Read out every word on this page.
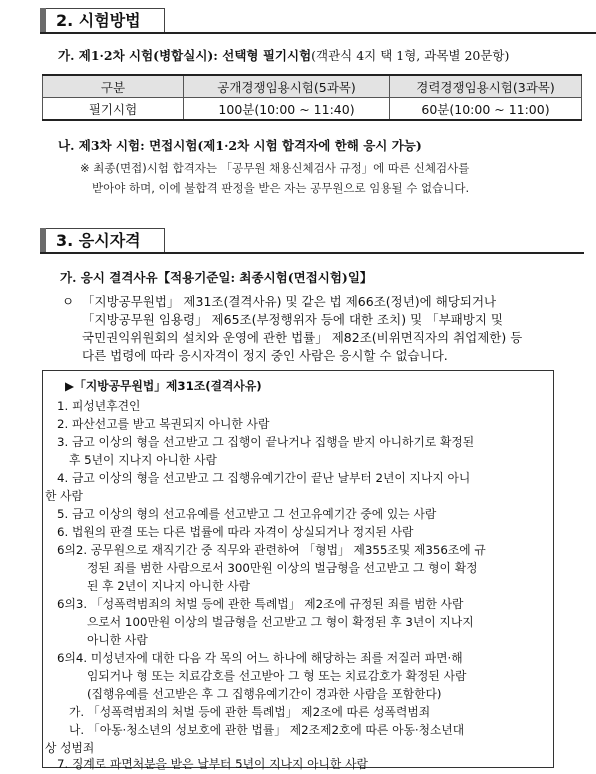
2. 시험방법
가. 제1·2차 시험(병합실시): 선택형 필기시험(객관식 4지 택 1형, 과목별 20문항)
구분	공개경쟁임용시험(5과목)	경력경쟁임용시험(3과목)
필기시험	100분(10:00 ~ 11:40)	60분(10:00 ~ 11:00)
나. 제3차 시험: 면접시험(제1·2차 시험 합격자에 한해 응시 가능)
※ 최종(면접)시험 합격자는 「공무원 채용신체검사 규정」에 따른 신체검사를
받아야 하며, 이에 불합격 판정을 받은 자는 공무원으로 임용될 수 없습니다.
3. 응시자격
가. 응시 결격사유【적용기준일: 최종시험(면접시험)일】
ㅇ 「지방공무원법」 제31조(결격사유) 및 같은 법 제66조(정년)에 해당되거나
「지방공무원 임용령」 제65조(부정행위자 등에 대한 조치) 및 「부패방지 및
국민권익위원회의 설치와 운영에 관한 법률」 제82조(비위면직자의 취업제한) 등
다른 법령에 따라 응시자격이 정지 중인 사람은 응시할 수 없습니다.
▶「지방공무원법」제31조(결격사유)
1. 피성년후견인
2. 파산선고를 받고 복권되지 아니한 사람
3. 금고 이상의 형을 선고받고 그 집행이 끝나거나 집행을 받지 아니하기로 확정된
후 5년이 지나지 아니한 사람
4. 금고 이상의 형을 선고받고 그 집행유예기간이 끝난 날부터 2년이 지나지 아니
한 사람
5. 금고 이상의 형의 선고유예를 선고받고 그 선고유예기간 중에 있는 사람
6. 법원의 판결 또는 다른 법률에 따라 자격이 상실되거나 정지된 사람
6의2. 공무원으로 재직기간 중 직무와 관련하여 「형법」 제355조및 제356조에 규
정된 죄를 범한 사람으로서 300만원 이상의 벌금형을 선고받고 그 형이 확정
된 후 2년이 지나지 아니한 사람
6의3. 「성폭력범죄의 처벌 등에 관한 특례법」 제2조에 규정된 죄를 범한 사람
으로서 100만원 이상의 벌금형을 선고받고 그 형이 확정된 후 3년이 지나지
아니한 사람
6의4. 미성년자에 대한 다음 각 목의 어느 하나에 해당하는 죄를 저질러 파면·해
임되거나 형 또는 치료감호를 선고받아 그 형 또는 치료감호가 확정된 사람
(집행유예를 선고받은 후 그 집행유예기간이 경과한 사람을 포함한다)
가. 「성폭력범죄의 처벌 등에 관한 특례법」 제2조에 따른 성폭력범죄
나. 「아동·청소년의 성보호에 관한 법률」 제2조제2호에 따른 아동·청소년대
상 성범죄
7. 징계로 파면처분을 받은 날부터 5년이 지나지 아니한 사람
